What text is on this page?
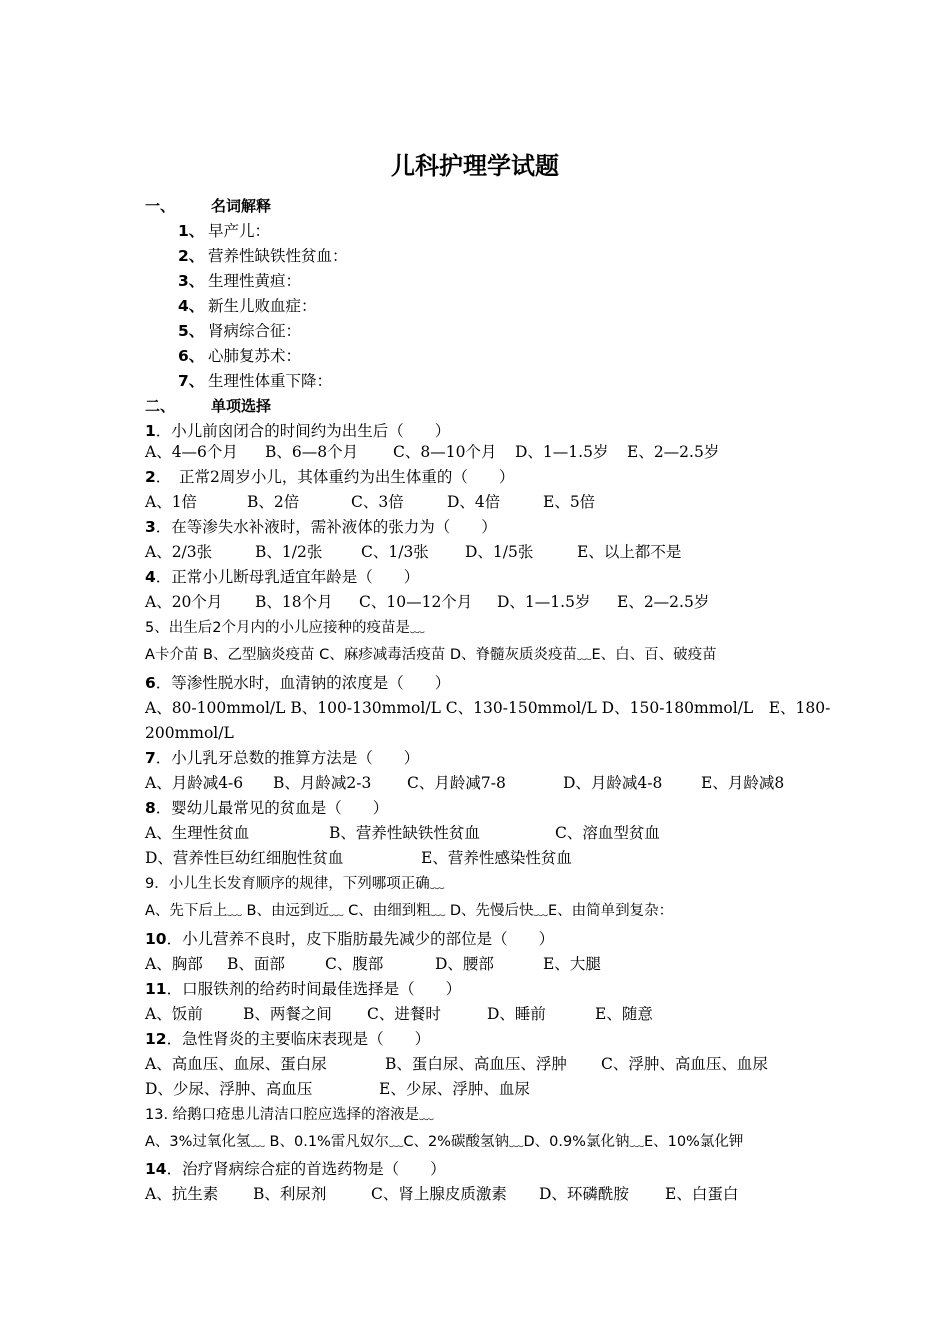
儿科护理学试题
一、 名词解释
1、 早产儿：
2、 营养性缺铁性贫血：
3、 生理性黄疸：
4、 新生儿败血症：
5、 肾病综合征：
6、 心肺复苏术：
7、 生理性体重下降：
二、 单项选择
1．小儿前囟闭合的时间约为出生后（　　）
A、4—6个月 B、6—8个月 C、8—10个月 D、1—1.5岁 E、2—2.5岁
2．　正常2周岁小儿，其体重约为出生体重的（　　）
A、1倍	B、2倍	C、3倍	D、4倍	E、5倍
3．在等渗失水补液时，需补液体的张力为（　　）
A、2/3张	B、1/2张 C、1/3张 D、1/5张	E、以上都不是
4．正常小儿断母乳适宜年龄是（　　）
A、20个月 B、18个月 C、10—12个月 D、1—1.5岁 E、2—2.5岁
5、出生后2个月内的小儿应接种的疫苗是﹏
A卡介苗 B、乙型脑炎疫苗 C、麻疹减毒活疫苗 D、脊髓灰质炎疫苗﹏E、白、百、破疫苗
6．等渗性脱水时，血清钠的浓度是（　　）
A、80-100mmol/L B、100-130mmol/L C、130-150mmol/L D、150-180mmol/L　E、180-
200mmol/L
7．小儿乳牙总数的推算方法是（　　）
A、月龄减4-6 B、月龄减2-3 C、月龄减7-8	D、月龄减4-8 E、月龄减8
8．婴幼儿最常见的贫血是（　　）
A、生理性贫血	B、营养性缺铁性贫血	C、溶血型贫血
D、营养性巨幼红细胞性贫血	E、营养性感染性贫血
9．小儿生长发育顺序的规律，下列哪项正确﹏
A、先下后上﹏ B、由远到近﹏ C、由细到粗﹏ D、先慢后快﹏E、由简单到复杂：
10．小儿营养不良时，皮下脂肪最先减少的部位是（　　）
A、胸部 B、面部	C、腹部	D、腰部	E、大腿
11．口服铁剂的给药时间最佳选择是（　　）
A、饭前	B、两餐之间 C、进餐时	D、睡前	E、随意
12．急性肾炎的主要临床表现是（　　）
A、高血压、血尿、蛋白尿	B、蛋白尿、高血压、浮肿 C、浮肿、高血压、血尿
D、少尿、浮肿、高血压	E、少尿、浮肿、血尿
13. 给鹅口疮患儿清洁口腔应选择的溶液是﹏
A、3%过氧化氢﹏ B、0.1%雷凡奴尔﹏C、2%碳酸氢钠﹏D、0.9%氯化钠﹏E、10%氯化钾
14．治疗肾病综合症的首选药物是（　　）
A、抗生素 B、利尿剂	C、肾上腺皮质激素 D、环磷酰胺 E、白蛋白
